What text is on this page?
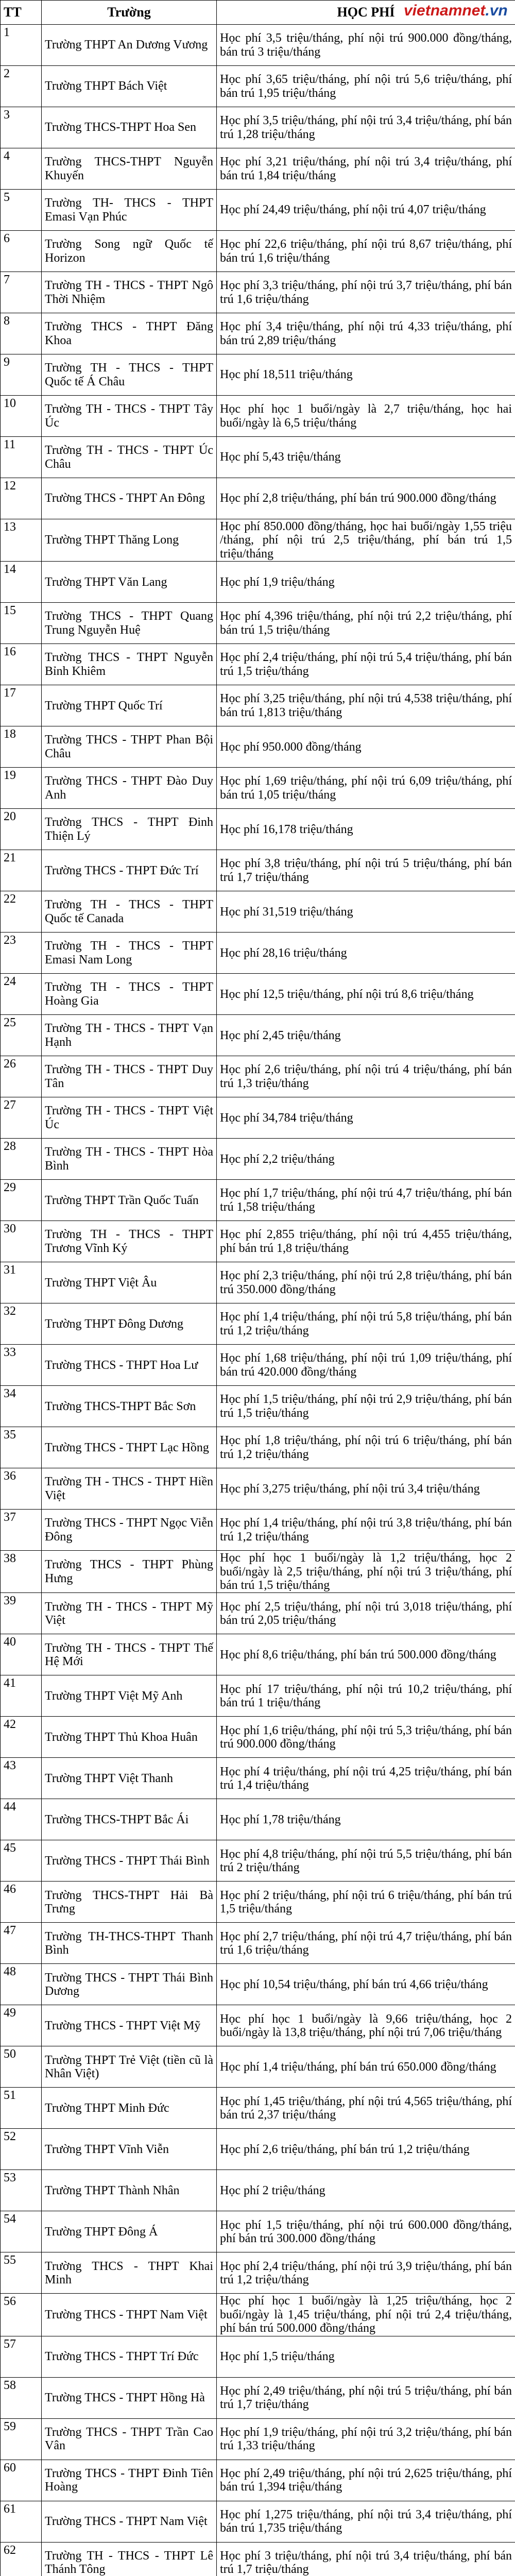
TT	Trường	HỌC PHÍ
1	Trường THPT An Dương Vương	Học phí 3,5 triệu/tháng, phí nội trú 900.000 đồng/tháng, bán trú 3 triệu/tháng
2	Trường THPT Bách Việt	Học phí 3,65 triệu/tháng, phí nội trú 5,6 triệu/tháng, phí bán trú 1,95 triệu/tháng
3	Trường THCS-THPT Hoa Sen	Học phí 3,5 triệu/tháng, phí nội trú 3,4 triệu/tháng, phí bán trú 1,28 triệu/tháng
4	Trường THCS-THPT Nguyễn Khuyến	Học phí 3,21 triệu/tháng, phí nội trú 3,4 triệu/tháng, phí bán trú 1,84 triệu/tháng
5	Trường TH- THCS - THPT Emasi Vạn Phúc	Học phí 24,49 triệu/tháng, phí nội trú 4,07 triệu/tháng
6	Trường Song ngữ Quốc tế Horizon	Học phí 22,6 triệu/tháng, phí nội trú 8,67 triệu/tháng, phí bán trú 1,6 triệu/tháng
7	Trường TH - THCS - THPT Ngô Thời Nhiệm	Học phí 3,3 triệu/tháng, phí nội trú 3,7 triệu/tháng, phí bán trú 1,6 triệu/tháng
8	Trường THCS - THPT Đăng Khoa	Học phí 3,4 triệu/tháng, phí nội trú 4,33 triệu/tháng, phí bán trú 2,89 triệu/tháng
9	Trường TH - THCS - THPT Quốc tế Á Châu	Học phí 18,511 triệu/tháng
10	Trường TH - THCS - THPT Tây Úc	Học phí học 1 buổi/ngày là 2,7 triệu/tháng, học hai buổi/ngày là 6,5 triệu/tháng
11	Trường TH - THCS - THPT Úc Châu	Học phí 5,43 triệu/tháng
12	Trường THCS - THPT An Đông	Học phí 2,8 triệu/tháng, phí bán trú 900.000 đồng/tháng
13	Trường THPT Thăng Long	Học phí 850.000 đồng/tháng, học hai buổi/ngày 1,55 triệu /tháng, phí nội trú 2,5 triệu/tháng, phí bán trú 1,5 triệu/tháng
14	Trường THPT Văn Lang	Học phí 1,9 triệu/tháng
15	Trường THCS - THPT Quang Trung Nguyễn Huệ	Học phí 4,396 triệu/tháng, phí nội trú 2,2 triệu/tháng, phí bán trú 1,5 triệu/tháng
16	Trường THCS - THPT Nguyễn Bỉnh Khiêm	Học phí 2,4 triệu/tháng, phí nội trú 5,4 triệu/tháng, phí bán trú 1,5 triệu/tháng
17	Trường THPT Quốc Trí	Học phí 3,25 triệu/tháng, phí nội trú 4,538 triệu/tháng, phí bán trú 1,813 triệu/tháng
18	Trường THCS - THPT Phan Bội Châu	Học phí 950.000 đồng/tháng
19	Trường THCS - THPT Đào Duy Anh	Học phí 1,69 triệu/tháng, phí nội trú 6,09 triệu/tháng, phí bán trú 1,05 triệu/tháng
20	Trường THCS - THPT Đinh Thiện Lý	Học phí 16,178 triệu/tháng
21	Trường THCS - THPT Đức Trí	Học phí 3,8 triệu/tháng, phí nội trú 5 triệu/tháng, phí bán trú 1,7 triệu/tháng
22	Trường TH - THCS - THPT Quốc tế Canada	Học phí 31,519 triệu/tháng
23	Trường TH - THCS - THPT Emasi Nam Long	Học phí 28,16 triệu/tháng
24	Trường TH - THCS - THPT Hoàng Gia	Học phí 12,5 triệu/tháng, phí nội trú 8,6 triệu/tháng
25	Trường TH - THCS - THPT Vạn Hạnh	Học phí 2,45 triệu/tháng
26	Trường TH - THCS - THPT Duy Tân	Học phí 2,6 triệu/tháng, phí nội trú 4 triệu/tháng, phí bán trú 1,3 triệu/tháng
27	Trường TH - THCS - THPT Việt Úc	Học phí 34,784 triệu/tháng
28	Trường TH - THCS - THPT Hòa Bình	Học phí 2,2 triệu/tháng
29	Trường THPT Trần Quốc Tuấn	Học phí 1,7 triệu/tháng, phí nội trú 4,7 triệu/tháng, phí bán trú 1,58 triệu/tháng
30	Trường TH - THCS - THPT Trương Vĩnh Ký	Học phí 2,855 triệu/tháng, phí nội trú 4,455 triệu/tháng, phí bán trú 1,8 triệu/tháng
31	Trường THPT Việt Âu	Học phí 2,3 triệu/tháng, phí nội trú 2,8 triệu/tháng, phí bán trú 350.000 đồng/tháng
32	Trường THPT Đông Dương	Học phí 1,4 triệu/tháng, phí nội trú 5,8 triệu/tháng, phí bán trú 1,2 triệu/tháng
33	Trường THCS - THPT Hoa Lư	Học phí 1,68 triệu/tháng, phí nội trú 1,09 triệu/tháng, phí bán trú 420.000 đồng/tháng
34	Trường THCS-THPT Bắc Sơn	Học phí 1,5 triệu/tháng, phí nội trú 2,9 triệu/tháng, phí bán trú 1,5 triệu/tháng
35	Trường THCS - THPT Lạc Hồng	Học phí 1,8 triệu/tháng, phí nội trú 6 triệu/tháng, phí bán trú 1,2 triệu/tháng
36	Trường TH - THCS - THPT Hiền Việt	Học phí 3,275 triệu/tháng, phí nội trú 3,4 triệu/tháng
37	Trường THCS - THPT Ngọc Viễn Đông	Học phí 1,4 triệu/tháng, phí nội trú 3,8 triệu/tháng, phí bán trú 1,2 triệu/tháng
38	Trường THCS - THPT Phùng Hưng	Học phí học 1 buổi/ngày là 1,2 triệu/tháng, học 2 buổi/ngày là 2,5 triệu/tháng, phí nội trú 3 triệu/tháng, phí bán trú 1,5 triệu/tháng
39	Trường TH - THCS - THPT Mỹ Việt	Học phí 2,5 triệu/tháng, phí nội trú 3,018 triệu/tháng, phí bán trú 2,05 triệu/tháng
40	Trường TH - THCS - THPT Thế Hệ Mới	Học phí 8,6 triệu/tháng, phí bán trú 500.000 đồng/tháng
41	Trường THPT Việt Mỹ Anh	Học phí 17 triệu/tháng, phí nội trú 10,2 triệu/tháng, phí bán trú 1 triệu/tháng
42	Trường THPT Thủ Khoa Huân	Học phí 1,6 triệu/tháng, phí nội trú 5,3 triệu/tháng, phí bán trú 900.000 đồng/tháng
43	Trường THPT Việt Thanh	Học phí 4 triệu/tháng, phí nội trú 4,25 triệu/tháng, phí bán trú 1,4 triệu/tháng
44	Trường THCS-THPT Bắc Ái	Học phí 1,78 triệu/tháng
45	Trường THCS - THPT Thái Bình	Học phí 4,8 triệu/tháng, phí nội trú 5,5 triệu/tháng, phí bán trú 2 triệu/tháng
46	Trường THCS-THPT Hải Bà Trưng	Học phí 2 triệu/tháng, phí nội trú 6 triệu/tháng, phí bán trú 1,5 triệu/tháng
47	Trường TH-THCS-THPT Thanh Bình	Học phí 2,7 triệu/tháng, phí nội trú 4,7 triệu/tháng, phí bán trú 1,6 triệu/tháng
48	Trường THCS - THPT Thái Bình Dương	Học phí 10,54 triệu/tháng, phí bán trú 4,66 triệu/tháng
49	Trường THCS - THPT Việt Mỹ	Học phí học 1 buổi/ngày là 9,66 triệu/tháng, học 2 buổi/ngày là 13,8 triệu/tháng, phí nội trú 7,06 triệu/tháng
50	Trường THPT Trẻ Việt (tiền cũ là Nhân Việt)	Học phí 1,4 triệu/tháng, phí bán trú 650.000 đồng/tháng
51	Trường THPT Minh Đức	Học phí 1,45 triệu/tháng, phí nội trú 4,565 triệu/tháng, phí bán trú 2,37 triệu/tháng
52	Trường THPT Vĩnh Viễn	Học phí 2,6 triệu/tháng, phí bán trú 1,2 triệu/tháng
53	Trường THPT Thành Nhân	Học phí 2 triệu/tháng
54	Trường THPT Đông Á	Học phí 1,5 triệu/tháng, phí nội trú 600.000 đồng/tháng, phí bán trú 300.000 đồng/tháng
55	Trường THCS - THPT Khai Minh	Học phí 2,4 triệu/tháng, phí nội trú 3,9 triệu/tháng, phí bán trú 1,2 triệu/tháng
56	Trường THCS - THPT Nam Việt	Học phí học 1 buổi/ngày là 1,25 triệu/tháng, học 2 buổi/ngày là 1,45 triệu/tháng, phí nội trú 2,4 triệu/tháng, phí bán trú 500.000 đồng/tháng
57	Trường THCS - THPT Trí Đức	Học phí 1,5 triệu/tháng
58	Trường THCS - THPT Hồng Hà	Học phí 2,49 triệu/tháng, phí nội trú 5 triệu/tháng, phí bán trú 1,7 triệu/tháng
59	Trường THCS - THPT Trần Cao Vân	Học phí 1,9 triệu/tháng, phí nội trú 3,2 triệu/tháng, phí bán trú 1,33 triệu/tháng
60	Trường THCS - THPT Đinh Tiên Hoàng	Học phí 2,49 triệu/tháng, phí nội trú 2,625 triệu/tháng, phí bán trú 1,394 triệu/tháng
61	Trường THCS - THPT Nam Việt	Học phí 1,275 triệu/tháng, phí nội trú 3,4 triệu/tháng, phí bán trú 1,735 triệu/tháng
62	Trường TH - THCS - THPT Lê Thánh Tông	Học phí 3 triệu/tháng, phí nội trú 3,4 triệu/tháng, phí bán trú 1,7 triệu/tháng

vietnamnet.vn
